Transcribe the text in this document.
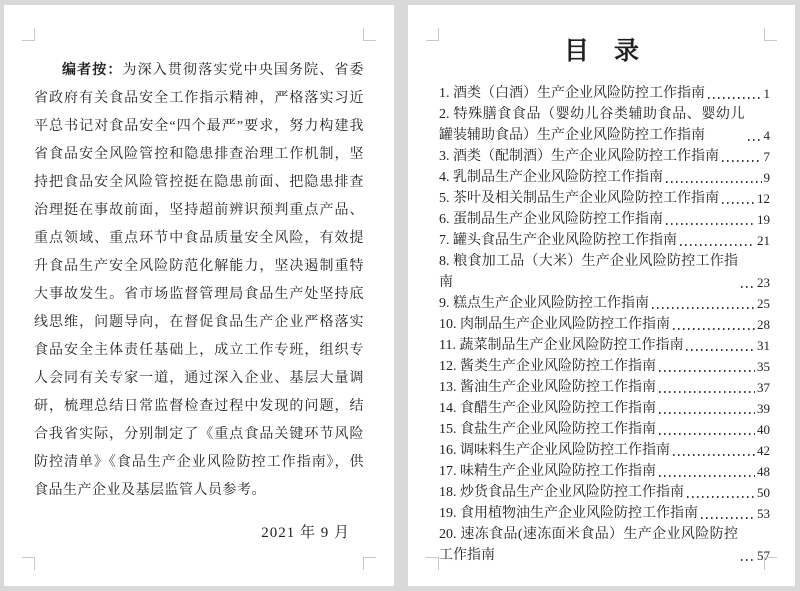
编者按：为深入贯彻落实党中央国务院、省委省政府有关食品安全工作指示精神，严格落实习近平总书记对食品安全“四个最严”要求，努力构建我省食品安全风险管控和隐患排查治理工作机制，坚持把食品安全风险管控挺在隐患前面、把隐患排查治理挺在事故前面，坚持超前辨识预判重点产品、重点领域、重点环节中食品质量安全风险，有效提升食品生产安全风险防范化解能力，坚决遏制重特大事故发生。省市场监督管理局食品生产处坚持底线思维，问题导向，在督促食品生产企业严格落实食品安全主体责任基础上，成立工作专班，组织专人会同有关专家一道，通过深入企业、基层大量调研，梳理总结日常监督检查过程中发现的问题，结合我省实际，分别制定了《重点食品关键环节风险防控清单》《食品生产企业风险防控工作指南》，供食品生产企业及基层监管人员参考。

2021 年 9 月
目　录
1. 酒类（白酒）生产企业风险防控工作指南	1
2. 特殊膳食食品（婴幼儿谷类辅助食品、婴幼儿罐装辅助食品）生产企业风险防控工作指南	4
3. 酒类（配制酒）生产企业风险防控工作指南	7
4. 乳制品生产企业风险防控工作指南	9
5. 茶叶及相关制品生产企业风险防控工作指南	12
6. 蛋制品生产企业风险防控工作指南	19
7. 罐头食品生产企业风险防控工作指南	21
8. 粮食加工品（大米）生产企业风险防控工作指南	23
9. 糕点生产企业风险防控工作指南	25
10. 肉制品生产企业风险防控工作指南	28
11. 蔬菜制品生产企业风险防控工作指南	31
12. 酱类生产企业风险防控工作指南	35
13. 酱油生产企业风险防控工作指南	37
14. 食醋生产企业风险防控工作指南	39
15. 食盐生产企业风险防控工作指南	40
16. 调味料生产企业风险防控工作指南	42
17. 味精生产企业风险防控工作指南	48
18. 炒货食品生产企业风险防控工作指南	50
19. 食用植物油生产企业风险防控工作指南	53
20. 速冻食品(速冻面米食品）生产企业风险防控工作指南	57
